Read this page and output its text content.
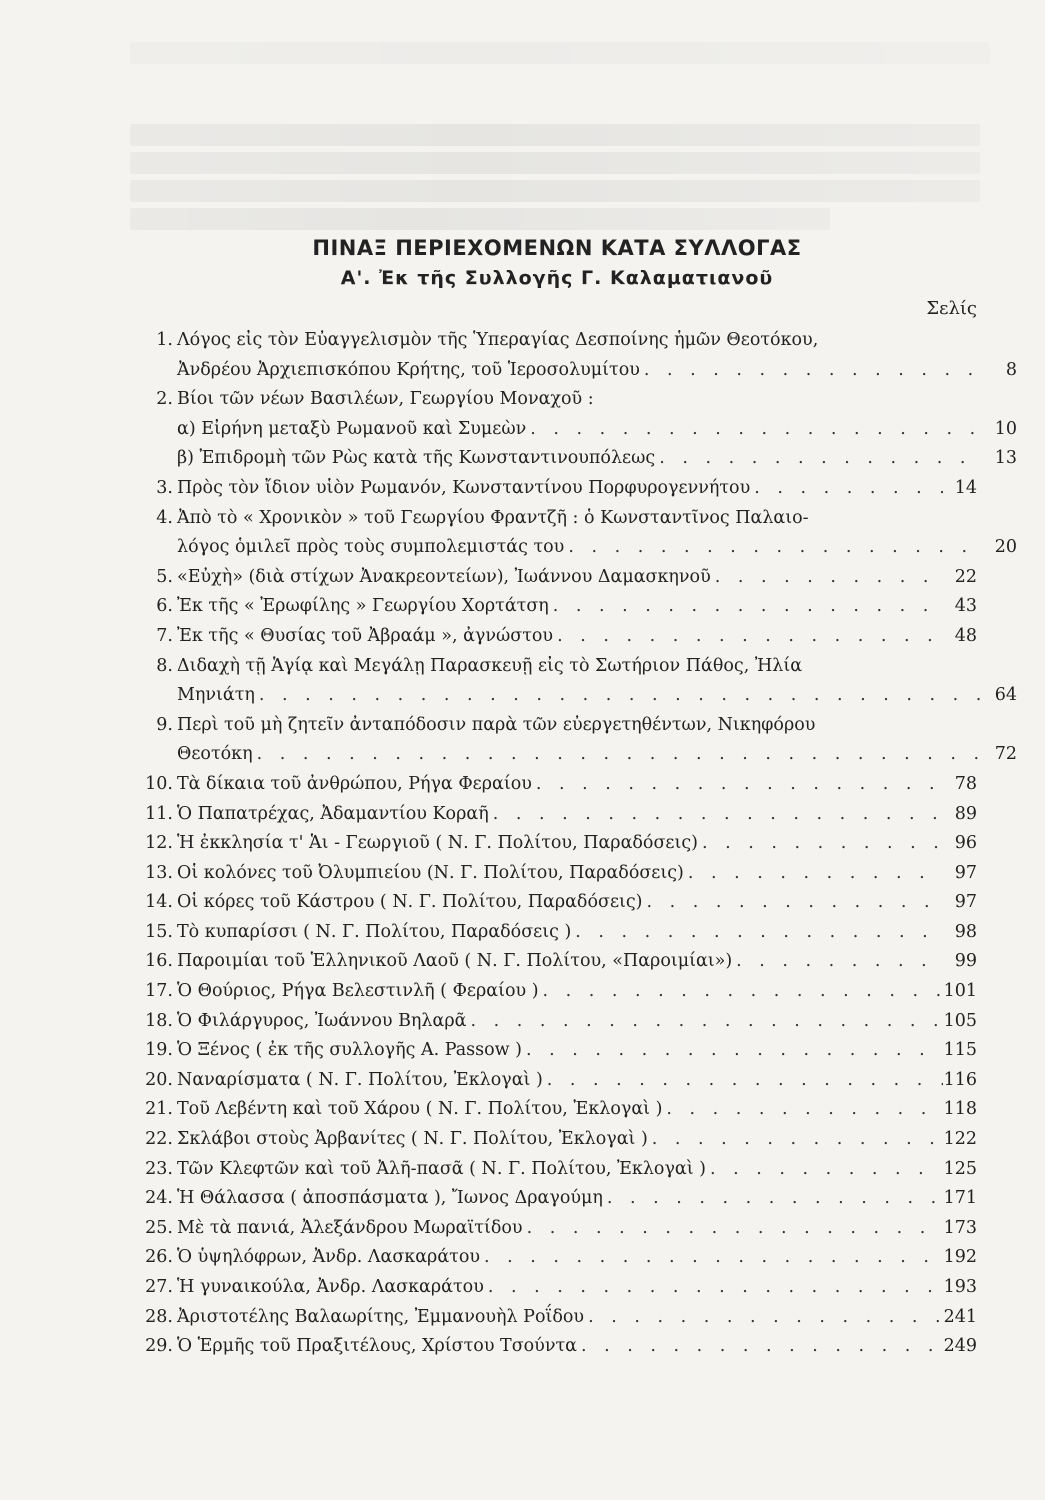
ΠΙΝΑΞ ΠΕΡΙΕΧΟΜΕΝΩΝ ΚΑΤΑ ΣΥΛΛΟΓΑΣ
Α'. Ἐκ τῆς Συλλογῆς Γ. Καλαματιανοῦ
Σελίς
1. Λόγος εἰς τὸν Εὐαγγελισμὸν τῆς Ὑπεραγίας Δεσποίνης ἡμῶν Θεοτόκου,
Ἀνδρέου Ἀρχιεπισκόπου Κρήτης, τοῦ Ἱεροσολυμίτου . . .	8
2. Βίοι τῶν νέων Βασιλέων, Γεωργίου Μοναχοῦ :
α) Εἰρήνη μεταξὺ Ρωμανοῦ καὶ Συμεὼν . . .	10
β) Ἐπιδρομὴ τῶν Ρὼς κατὰ τῆς Κωνσταντινουπόλεως . . .	13
3. Πρὸς τὸν ἴδιον υἱὸν Ρωμανόν, Κωνσταντίνου Πορφυρογεννήτου . . .	14
4. Ἀπὸ τὸ « Χρονικὸν » τοῦ Γεωργίου Φραντζῆ : ὁ Κωνσταντῖνος Παλαιο-
λόγος ὁμιλεῖ πρὸς τοὺς συμπολεμιστάς του . . .	20
5. «Εὐχὴ» (διὰ στίχων Ἀνακρεοντείων), Ἰωάννου Δαμασκηνοῦ . . .	22
6. Ἐκ τῆς « Ἐρωφίλης » Γεωργίου Χορτάτση . . .	43
7. Ἐκ τῆς « Θυσίας τοῦ Ἀβραάμ », ἀγνώστου . . .	48
8. Διδαχὴ τῇ Ἁγίᾳ καὶ Μεγάλῃ Παρασκευῇ εἰς τὸ Σωτήριον Πάθος, Ἠλία
Μηνιάτη . . .	64
9. Περὶ τοῦ μὴ ζητεῖν ἀνταπόδοσιν παρὰ τῶν εὐεργετηθέντων, Νικηφόρου
Θεοτόκη . . .	72
10. Τὰ δίκαια τοῦ ἀνθρώπου, Ρήγα Φεραίου . . .	78
11. Ὁ Παπατρέχας, Ἀδαμαντίου Κοραῆ . . .	89
12. Ἡ ἐκκλησία τ' Ἁι - Γεωργιοῦ ( Ν. Γ. Πολίτου, Παραδόσεις) . . .	96
13. Οἱ κολόνες τοῦ Ὀλυμπιείου (Ν. Γ. Πολίτου, Παραδόσεις) . . .	97
14. Οἱ κόρες τοῦ Κάστρου ( Ν. Γ. Πολίτου, Παραδόσεις) . . .	97
15. Τὸ κυπαρίσσι ( Ν. Γ. Πολίτου, Παραδόσεις ) . . .	98
16. Παροιμίαι τοῦ Ἑλληνικοῦ Λαοῦ ( Ν. Γ. Πολίτου, «Παροιμίαι») . . .	99
17. Ὁ Θούριος, Ρήγα Βελεστινλῆ ( Φεραίου ) . . .	101
18. Ὁ Φιλάργυρος, Ἰωάννου Βηλαρᾶ . . .	105
19. Ὁ Ξένος ( ἐκ τῆς συλλογῆς Α. Passow ) . . .	115
20. Ναναρίσματα ( Ν. Γ. Πολίτου, Ἐκλογαὶ ) . . .	116
21. Τοῦ Λεβέντη καὶ τοῦ Χάρου ( Ν. Γ. Πολίτου, Ἐκλογαὶ ) . . .	118
22. Σκλάβοι στοὺς Ἀρβανίτες ( Ν. Γ. Πολίτου, Ἐκλογαὶ ) . . .	122
23. Τῶν Κλεφτῶν καὶ τοῦ Ἀλῆ-πασᾶ ( Ν. Γ. Πολίτου, Ἐκλογαὶ ) . . .	125
24. Ἡ Θάλασσα ( ἀποσπάσματα ), Ἴωνος Δραγούμη . . .	171
25. Μὲ τὰ πανιά, Ἀλεξάνδρου Μωραϊτίδου . . .	173
26. Ὁ ὑψηλόφρων, Ἀνδρ. Λασκαράτου . . .	192
27. Ἡ γυναικούλα, Ἀνδρ. Λασκαράτου . . .	193
28. Ἀριστοτέλης Βαλαωρίτης, Ἐμμανουὴλ Ροΐδου . . .	241
29. Ὁ Ἑρμῆς τοῦ Πραξιτέλους, Χρίστου Τσούντα . . .	249
